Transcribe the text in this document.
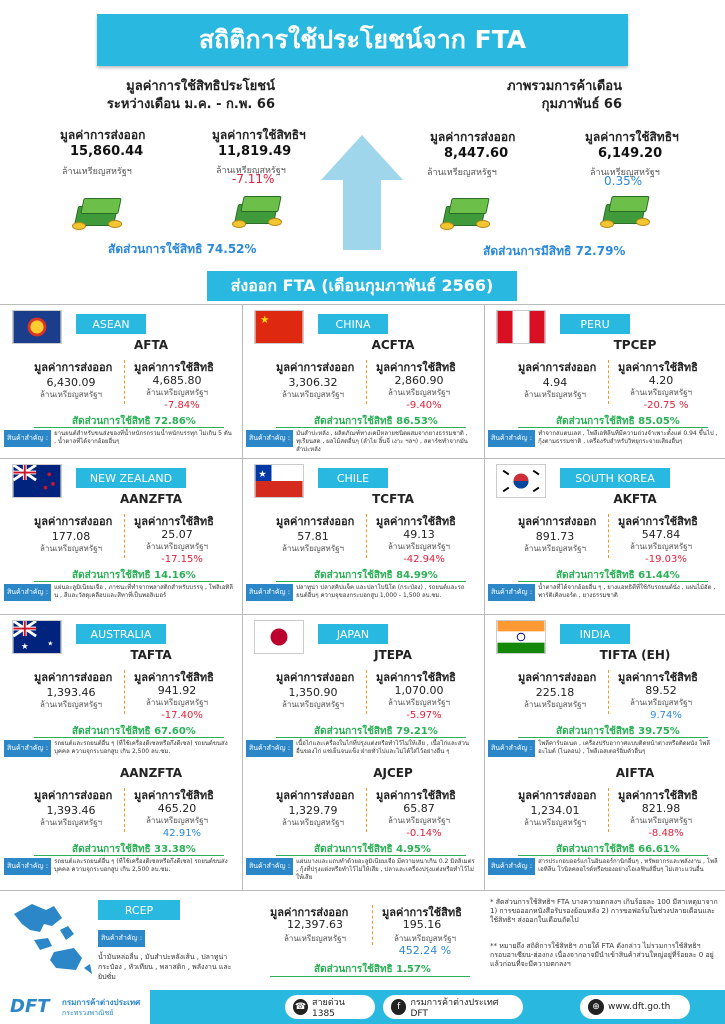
สถิติการใช้ประโยชน์จาก FTA
มูลค่าการใช้สิทธิประโยชน์
ระหว่างเดือน ม.ค. - ก.พ. 66
มูลค่าการส่งออก
15,860.44
ล้านเหรียญสหรัฐฯ
มูลค่าการใช้สิทธิฯ
11,819.49
ล้านเหรียญสหรัฐฯ
-7.11%
สัดส่วนการใช้สิทธิ 74.52%
ภาพรวมการค้าเดือน
กุมภาพันธ์ 66
มูลค่าการส่งออก
8,447.60
ล้านเหรียญสหรัฐฯ
มูลค่าการใช้สิทธิฯ
6,149.20
ล้านเหรียญสหรัฐฯ
0.35%
สัดส่วนการมีสิทธิ 72.79%
ส่งออก FTA (เดือนกุมภาพันธ์ 2566)
ASEAN
AFTA
มูลค่าการส่งออก
6,430.09
ล้านเหรียญสหรัฐฯ
มูลค่าการใช้สิทธิ
4,685.80
ล้านเหรียญสหรัฐฯ
-7.84%
สัดส่วนการใช้สิทธิ 72.86%
สินค้าสำคัญ :
ยานยนต์สำหรับขนส่งของที่น้ำหนักรถรวมน้ำหนักบรรทุก ไม่เกิน 5 ตัน , น้ำตาลที่ได้จากอ้อยอื่นๆ
★	CHINA
ACFTA
มูลค่าการส่งออก
3,306.32
ล้านเหรียญสหรัฐฯ
มูลค่าการใช้สิทธิ
2,860.90
ล้านเหรียญสหรัฐฯ
-9.40%
สัดส่วนการใช้สิทธิ 86.53%
สินค้าสำคัญ :
มันสำปะหลัง , ผลิตภัณฑ์ทางเคมีหลายชนิดผสมจากยางธรรมชาติ , ทุเรียนสด , ผลไม้สดอื่นๆ (ลำไย ลิ้นจี่ เงาะ ฯลฯ) , สตาร์ชทำจากมันสำปะหลัง
PERU
TPCEP
มูลค่าการส่งออก
4.94
ล้านเหรียญสหรัฐฯ
มูลค่าการใช้สิทธิ
4.20
ล้านเหรียญสหรัฐฯ
-20.75 %
สัดส่วนการใช้สิทธิ 85.05%
สินค้าสำคัญ :
ทำจากสแตนเลส , โพลีเอทิลีนที่มีความถ่วงจำเพาะตั้งแต่ 0.94 ขึ้นไป , กุ้งตามธรรมชาติ , เครื่องรับสำหรับวิทยุกระจายเสียงอื่นๆ
NEW ZEALAND
AANZFTA
มูลค่าการส่งออก
177.08
ล้านเหรียญสหรัฐฯ
มูลค่าการใช้สิทธิ
25.07
ล้านเหรียญสหรัฐฯ
-17.15%
สัดส่วนการใช้สิทธิ 14.16%
สินค้าสำคัญ :
แผ่นอะลูมิเนียมเจือ , ภาชนะที่ทำจากพลาสติกสำหรับบรรจุ , โพลิเอทิลีน , สีและวัสดุเคลือบและสีทาที่เป็นพอลิเมอร์
★	CHILE
TCFTA
มูลค่าการส่งออก
57.81
ล้านเหรียญสหรัฐฯ
มูลค่าการใช้สิทธิ
49.13
ล้านเหรียญสหรัฐฯ
-42.94%
สัดส่วนการใช้สิทธิ 84.99%
สินค้าสำคัญ :
ปลาทูน่า ปลาสคิปแจ็ค และปลาโบนิโต (กระป๋อง) , รถยนต์และรถยนต์อื่นๆ ความจุของกระบอกสูบ 1,000 - 1,500 ลบ.ซม.
SOUTH KOREA
AKFTA
มูลค่าการส่งออก
891.73
ล้านเหรียญสหรัฐฯ
มูลค่าการใช้สิทธิ
547.84
ล้านเหรียญสหรัฐฯ
-19.03%
สัดส่วนการใช้สิทธิ 61.44%
สินค้าสำคัญ :
น้ำตาลที่ได้จากอ้อยอื่น ๆ , ยางแอทธิตีที่ใช้กับรถยนต์นั่ง , แผ่นไม้อัด , พาร์ติเคิลบอร์ด , ยางธรรมชาติ
★	★
AUSTRALIA
TAFTA
มูลค่าการส่งออก
1,393.46
ล้านเหรียญสหรัฐฯ
มูลค่าการใช้สิทธิ
941.92
ล้านเหรียญสหรัฐฯ
-17.40%
สัดส่วนการใช้สิทธิ 67.60%
สินค้าสำคัญ :
รถยนต์และรถยนต์อื่น ๆ (ที่ใช้เครื่องดีเซลหรือกึ่งดีเซล) รถยนต์ขนส่งบุคคล ความจุกระบอกสูบ เกิน 2,500 ลบ.ซม.
JAPAN
JTEPA
มูลค่าการส่งออก
1,350.90
ล้านเหรียญสหรัฐฯ
มูลค่าการใช้สิทธิ
1,070.00
ล้านเหรียญสหรัฐฯ
-5.97%
สัดส่วนการใช้สิทธิ 79.21%
สินค้าสำคัญ :
เนื้อไก่และเครื่องในไก่ที่ปรุงแต่งหรือทำไว้ไม่ให้เสีย , เนื้อไก่และส่วนอื่นของไก่ แช่เย็นจนแข็ง ฝ่ายทั่วไปและไม่ได้ใส่ไว้อย่างอื่น ๆ
INDIA
TIFTA (EH)
มูลค่าการส่งออก
225.18
ล้านเหรียญสหรัฐฯ
มูลค่าการใช้สิทธิ
89.52
ล้านเหรียญสหรัฐฯ
9.74%
สัดส่วนการใช้สิทธิ 39.75%
สินค้าสำคัญ :
โพลีคาร์บอเนต , เครื่องปรับอากาศแบบติดหน้าต่างหรือติดผนัง โพลีอะไมด์ (ไนลอน) , โพลีเอสเตอร์อิ่มตัวอื่นๆ
AANZFTA
มูลค่าการส่งออก
1,393.46
ล้านเหรียญสหรัฐฯ
มูลค่าการใช้สิทธิ
465.20
ล้านเหรียญสหรัฐฯ
42.91%
สัดส่วนการใช้สิทธิ 33.38%
สินค้าสำคัญ :
รถยนต์และรถยนต์อื่น ๆ (ที่ใช้เครื่องดีเซลหรือกึ่งดีเซล) รถยนต์ขนส่งบุคคล ความจุกระบอกสูบ เกิน 2,500 ลบ.ซม.
AJCEP
มูลค่าการส่งออก
1,329.79
ล้านเหรียญสหรัฐฯ
มูลค่าการใช้สิทธิ
65.87
ล้านเหรียญสหรัฐฯ
-0.14%
สัดส่วนการใช้สิทธิ 4.95%
สินค้าสำคัญ :
แผ่นบางและแถบทำด้วยอะลูมิเนียมเจือ มีความหนาเกิน 0.2 มิลลิเมตร , กุ้งที่ปรุงแต่งหรือทำไว้ไม่ให้เสีย , ปลาและเครื่องปรุงแต่งหรือทำไว้ไม่ให้เสีย
AIFTA
มูลค่าการส่งออก
1,234.01
ล้านเหรียญสหรัฐฯ
มูลค่าการใช้สิทธิ
821.98
ล้านเหรียญสหรัฐฯ
-8.48%
สัดส่วนการใช้สิทธิ 66.61%
สินค้าสำคัญ :
สารประกอบออร์แกโนอินออร์กานิกอื่นๆ , ทรัพยากรและพลังงาน , โพลีเอทิลีน โวนิลคลอไรด์หรือของอย่างโอเลฟินส์อื่นๆ ไม่เสาะแว่นอื่น
RCEP
สินค้าสำคัญ :
น้ำมันหล่อลื่น , มันสำปะหลังเส้น , ปลาทูน่ากระป๋อง , หัวเทียน , พลาสติก , พลังงาน และยิปซั่ม
มูลค่าการส่งออก
12,397.63
ล้านเหรียญสหรัฐฯ
มูลค่าการใช้สิทธิ
195.16
ล้านเหรียญสหรัฐฯ
452.24 %
สัดส่วนการใช้สิทธิ 1.57%
* สัดส่วนการใช้สิทธิฯ FTA บางความตกลงฯ เกินร้อยละ 100 มีสาเหตุมาจาก 1) การขอออกหนังสือรับรองย้อนหลัง 2) การขอฟอร์มในช่วงปลายเดือนและใช้สิทธิฯ ส่งออกในเดือนถัดไป
** หมายถึง สถิติการใช้สิทธิฯ ภายใต้ FTA ดังกล่าว ไม่รวมการใช้สิทธิฯ กรอบอาเซียน-ฮ่องกง เนื่องจากอาจมีนำเข้าสินค้าส่วนใหญ่อยู่ที่ร้อยละ 0 อยู่แล้วก่อนที่จะมีความตกลงฯ
DFT กรมการค้าต่างประเทศ
กระทรวงพาณิชย์
☎ สายด่วน 1385
f	กรมการค้าต่างประเทศ DFT
⊕ www.dft.go.th
